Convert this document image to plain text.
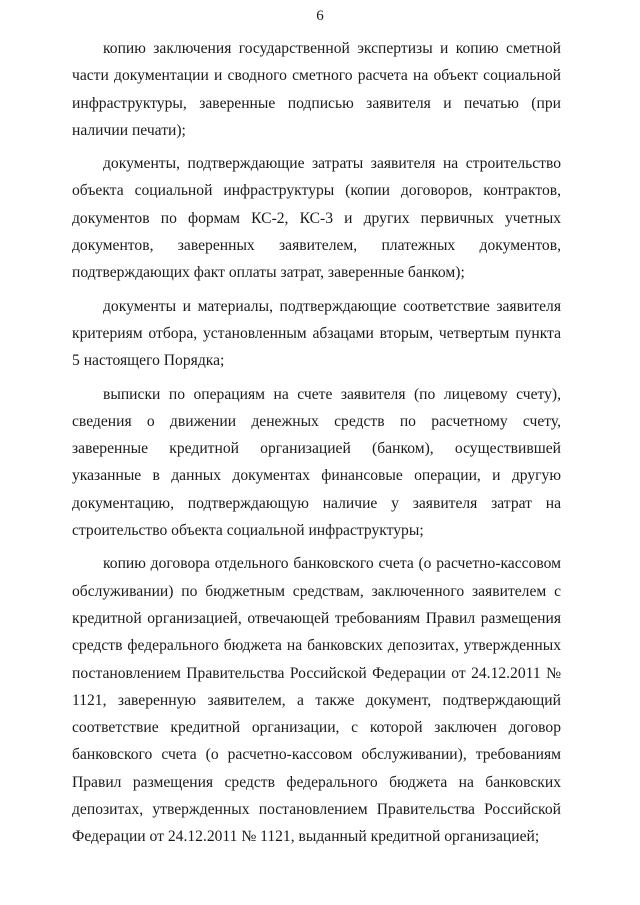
6

копию заключения государственной экспертизы и копию сметной части документации и сводного сметного расчета на объект социальной инфраструктуры, заверенные подписью заявителя и печатью (при наличии печати);

документы, подтверждающие затраты заявителя на строительство объекта социальной инфраструктуры (копии договоров, контрактов, документов по формам КС-2, КС-3 и других первичных учетных документов, заверенных заявителем, платежных документов, подтверждающих факт оплаты затрат, заверенные банком);

документы и материалы, подтверждающие соответствие заявителя критериям отбора, установленным абзацами вторым, четвертым пункта 5 настоящего Порядка;

выписки по операциям на счете заявителя (по лицевому счету), сведения о движении денежных средств по расчетному счету, заверенные кредитной организацией (банком), осуществившей указанные в данных документах финансовые операции, и другую документацию, подтверждающую наличие у заявителя затрат на строительство объекта социальной инфраструктуры;

копию договора отдельного банковского счета (о расчетно-кассовом обслуживании) по бюджетным средствам, заключенного заявителем с кредитной организацией, отвечающей требованиям Правил размещения средств федерального бюджета на банковских депозитах, утвержденных постановлением Правительства Российской Федерации от 24.12.2011 № 1121, заверенную заявителем, а также документ, подтверждающий соответствие кредитной организации, с которой заключен договор банковского счета (о расчетно-кассовом обслуживании), требованиям Правил размещения средств федерального бюджета на банковских депозитах, утвержденных постановлением Правительства Российской Федерации от 24.12.2011 № 1121, выданный кредитной организацией;
